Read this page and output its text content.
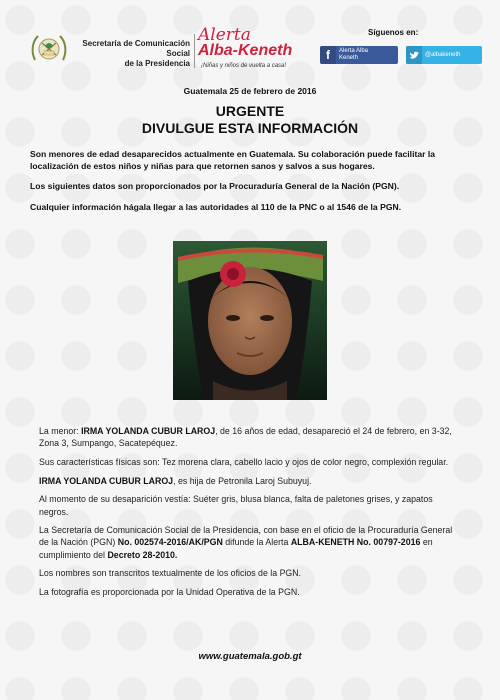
Secretaría de Comunicación Social
de la Presidencia
Alerta
Alba-Keneth
¡Niñas y niños de vuelta a casa!
Síguenos en:
f	Alerta Alba
Keneth
@albakeneth
Guatemala 25 de febrero de 2016
URGENTE
DIVULGUE ESTA INFORMACIÓN

Son menores de edad desaparecidos actualmente en Guatemala. Su colaboración puede facilitar la localización de estos niños y niñas para que retornen sanos y salvos a sus hogares.

Los siguientes datos son proporcionados por la Procuraduría General de la Nación (PGN).

Cualquier información hágala llegar a las autoridades al 110 de la PNC o al 1546 de la PGN.

La menor: IRMA YOLANDA CUBUR LAROJ, de 16 años de edad, desapareció el 24 de febrero, en 3-32, Zona 3, Sumpango, Sacatepéquez.

Sus características físicas son: Tez morena clara, cabello lacio y ojos de color negro, complexión regular.

IRMA YOLANDA CUBUR LAROJ, es hija de Petronila Laroj Subuyuj.

Al momento de su desaparición vestía: Suéter gris, blusa blanca, falta de paletones grises, y zapatos negros.

La Secretaría de Comunicación Social de la Presidencia, con base en el oficio de la Procuraduría General de la Nación (PGN) No. 002574-2016/AK/PGN difunde la Alerta ALBA-KENETH No. 00797-2016 en cumplimiento del Decreto 28-2010.

Los nombres son transcritos textualmente de los oficios de la PGN.

La fotografía es proporcionada por la Unidad Operativa de la PGN.

www.guatemala.gob.gt
